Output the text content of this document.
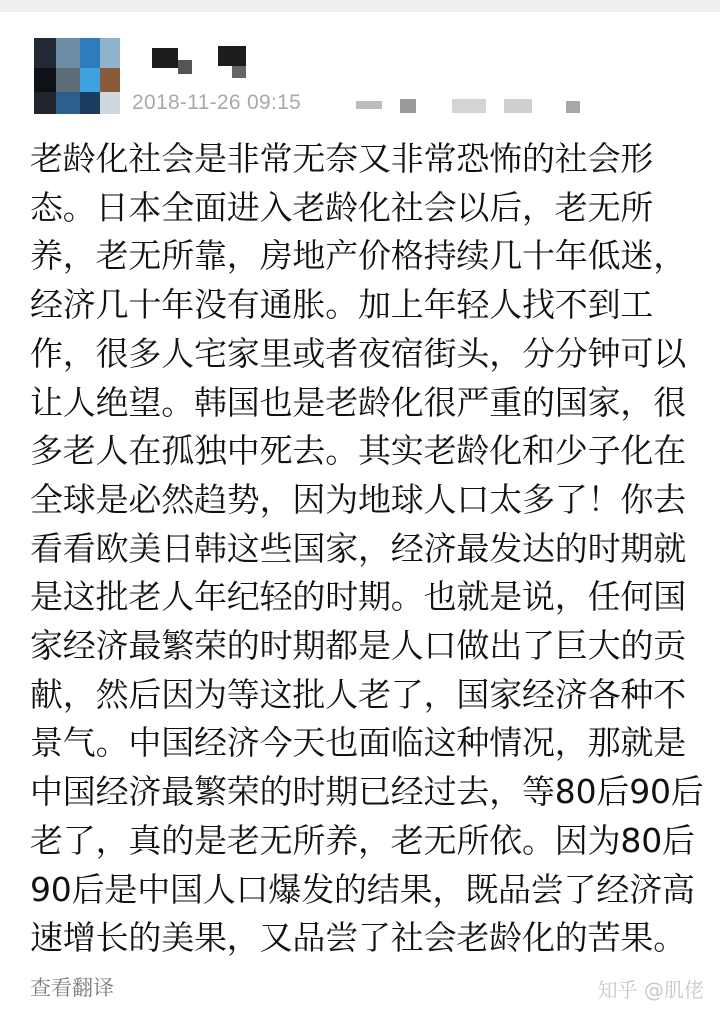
2018-11-26 09:15
老龄化社会是非常无奈又非常恐怖的社会形
态。日本全面进入老龄化社会以后，老无所
养，老无所靠，房地产价格持续几十年低迷，
经济几十年没有通胀。加上年轻人找不到工
作，很多人宅家里或者夜宿街头，分分钟可以
让人绝望。韩国也是老龄化很严重的国家，很
多老人在孤独中死去。其实老龄化和少子化在
全球是必然趋势，因为地球人口太多了！你去
看看欧美日韩这些国家，经济最发达的时期就
是这批老人年纪轻的时期。也就是说，任何国
家经济最繁荣的时期都是人口做出了巨大的贡
献，然后因为等这批人老了，国家经济各种不
景气。中国经济今天也面临这种情况，那就是
中国经济最繁荣的时期已经过去，等80后90后
老了，真的是老无所养，老无所依。因为80后
90后是中国人口爆发的结果，既品尝了经济高
速增长的美果，又品尝了社会老龄化的苦果。
查看翻译	知乎 @肌佬
